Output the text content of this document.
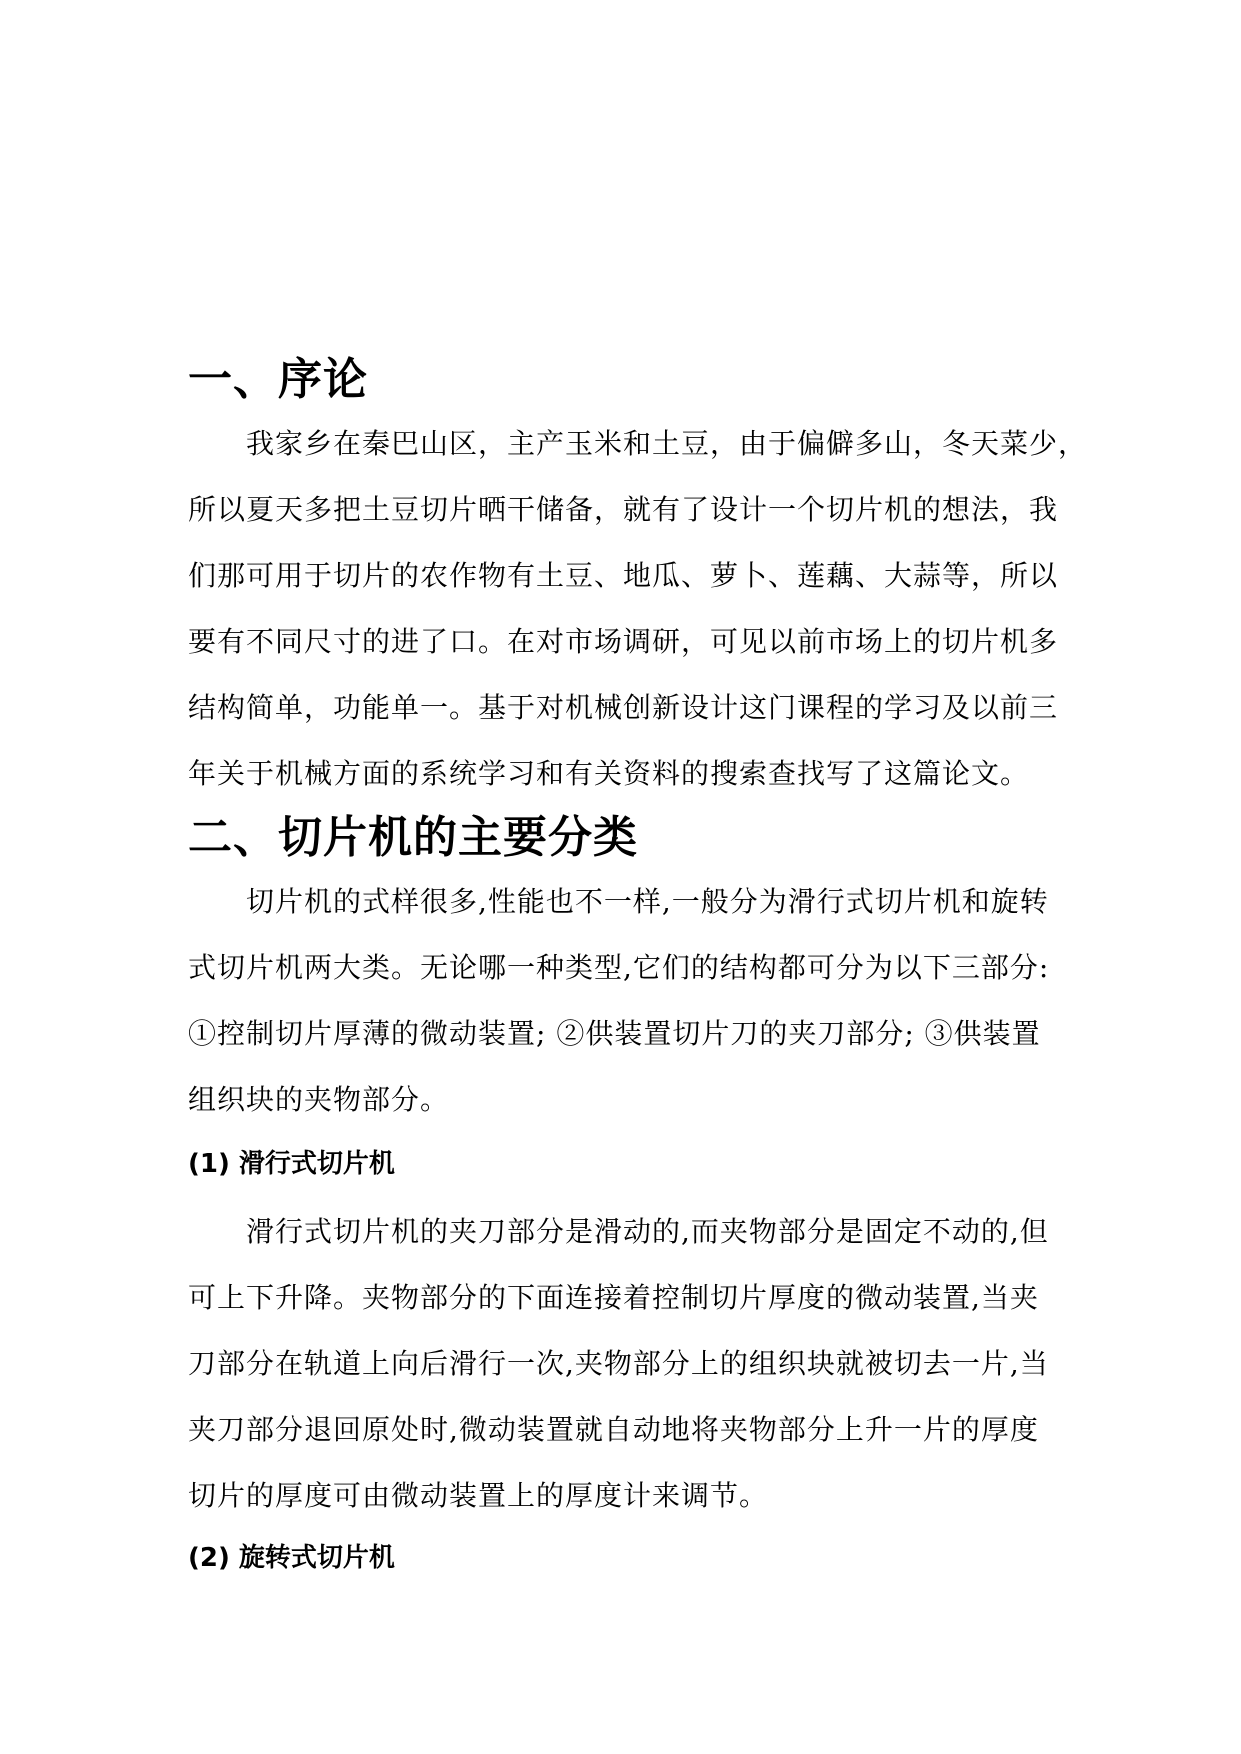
一、序论
我家乡在秦巴山区，主产玉米和土豆，由于偏僻多山，冬天菜少，
所以夏天多把土豆切片晒干储备，就有了设计一个切片机的想法，我
们那可用于切片的农作物有土豆、地瓜、萝卜、莲藕、大蒜等，所以
要有不同尺寸的进了口。在对市场调研，可见以前市场上的切片机多
结构简单，功能单一。基于对机械创新设计这门课程的学习及以前三
年关于机械方面的系统学习和有关资料的搜索查找写了这篇论文。
二、切片机的主要分类
切片机的式样很多,性能也不一样,一般分为滑行式切片机和旋转
式切片机两大类。无论哪一种类型,它们的结构都可分为以下三部分:
①控制切片厚薄的微动装置; ②供装置切片刀的夹刀部分; ③供装置
组织块的夹物部分。
(1) 滑行式切片机
滑行式切片机的夹刀部分是滑动的,而夹物部分是固定不动的,但
可上下升降。夹物部分的下面连接着控制切片厚度的微动装置,当夹
刀部分在轨道上向后滑行一次,夹物部分上的组织块就被切去一片,当
夹刀部分退回原处时,微动装置就自动地将夹物部分上升一片的厚度
切片的厚度可由微动装置上的厚度计来调节。
(2) 旋转式切片机
